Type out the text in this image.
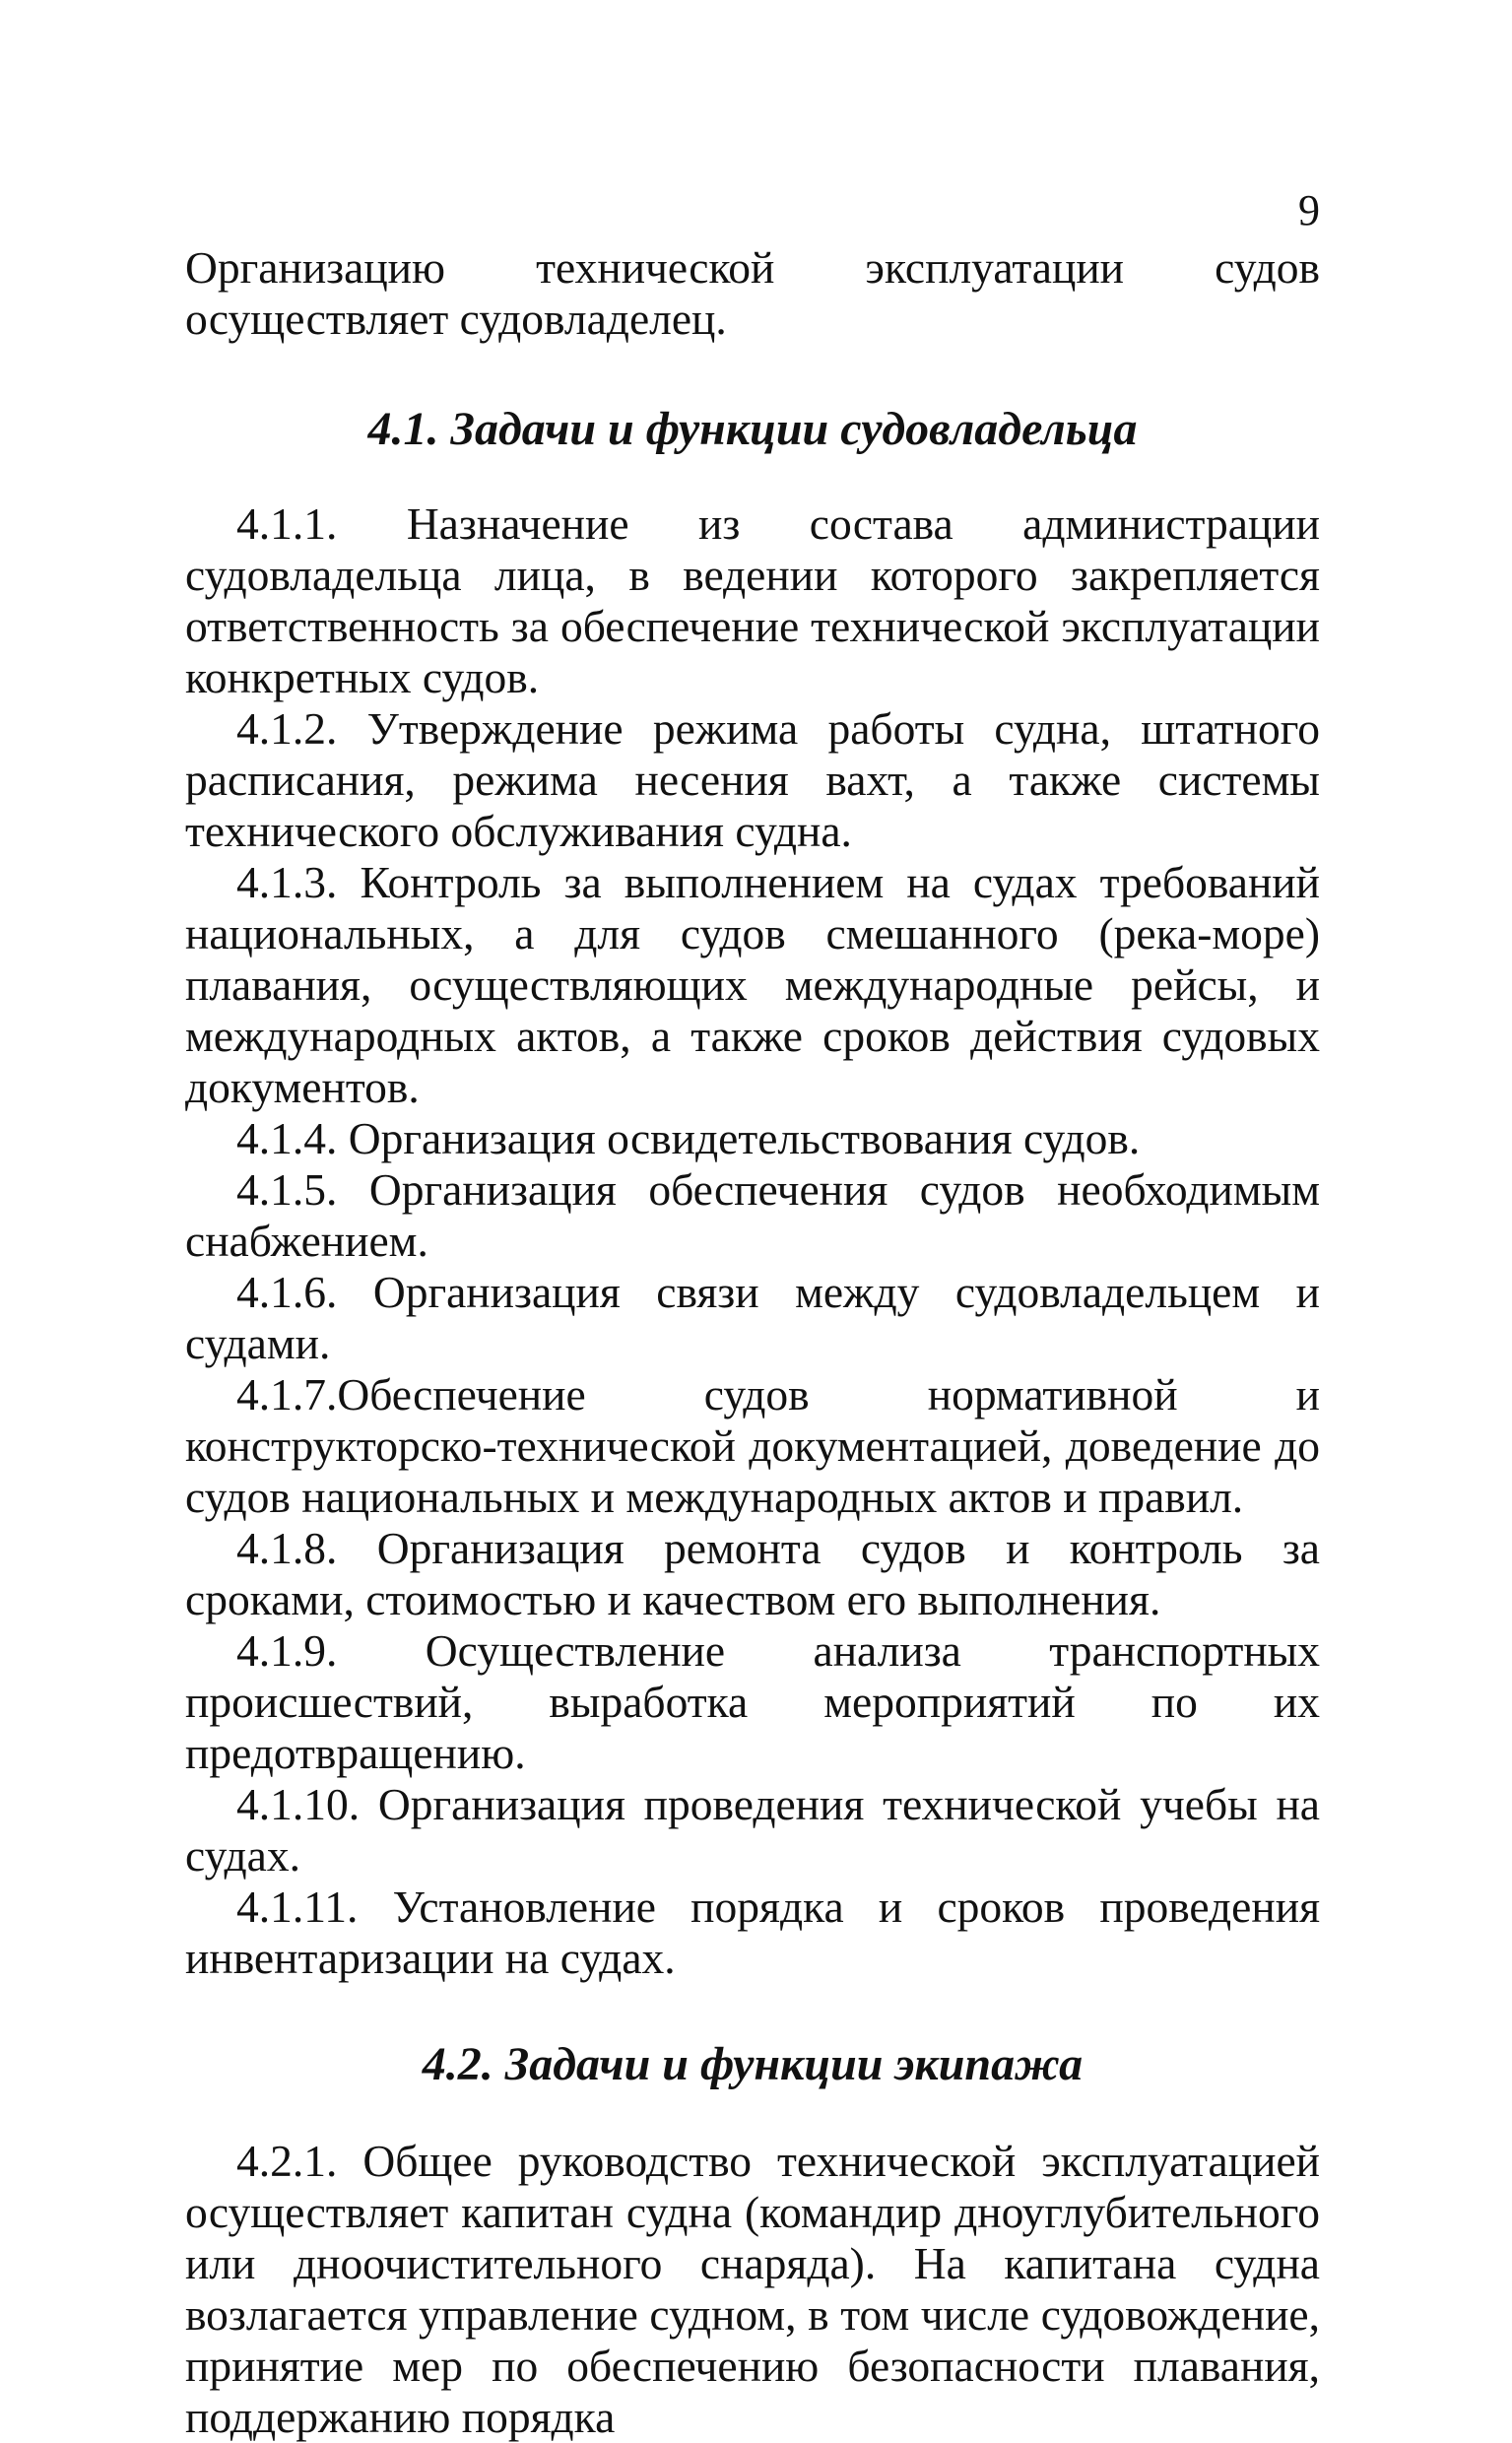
9

Организацию технической эксплуатации судов осуществляет судовладелец.

4.1. Задачи и функции судовладельца

4.1.1. Назначение из состава администрации судовладельца лица, в ведении которого закрепляется ответственность за обеспечение технической эксплуатации конкретных судов.

4.1.2. Утверждение режима работы судна, штатного расписания, режима несения вахт, а также системы технического обслуживания судна.

4.1.3. Контроль за выполнением на судах требований национальных, а для судов смешанного (река-море) плавания, осуществляющих международные рейсы, и международных актов, а также сроков действия судовых документов.

4.1.4. Организация освидетельствования судов.

4.1.5. Организация обеспечения судов необходимым снабжением.

4.1.6. Организация связи между судовладельцем и судами.

4.1.7.Обеспечение судов нормативной и конструкторско-технической документацией, доведение до судов национальных и международных актов и правил.

4.1.8. Организация ремонта судов и контроль за сроками, стоимостью и качеством его выполнения.

4.1.9. Осуществление анализа транспортных происшествий, выработка мероприятий по их предотвращению.

4.1.10. Организация проведения технической учебы на судах.

4.1.11. Установление порядка и сроков проведения инвентаризации на судах.

4.2. Задачи и функции экипажа

4.2.1. Общее руководство технической эксплуатацией осуществляет капитан судна (командир дноуглубительного или дноочистительного снаряда). На капитана судна возлагается управление судном, в том числе судовождение, принятие мер по обеспечению безопасности плавания, поддержанию порядка
